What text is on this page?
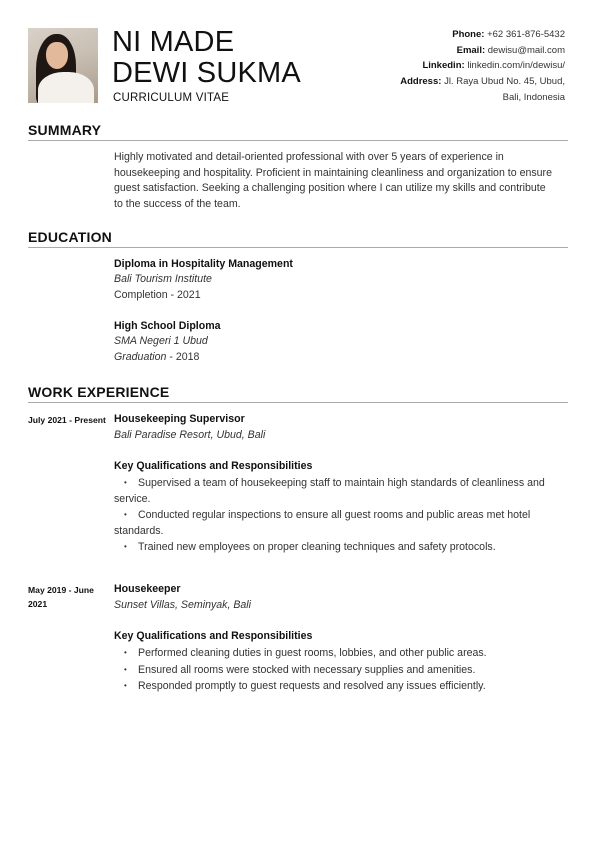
NI MADE
DEWI SUKMA
CURRICULUM VITAE
Phone: +62 361-876-5432
Email: dewisu@mail.com
Linkedin: linkedin.com/in/dewisu/
Address: Jl. Raya Ubud No. 45, Ubud,
Bali, Indonesia
SUMMARY
Highly motivated and detail-oriented professional with over 5 years of experience in housekeeping and hospitality. Proficient in maintaining cleanliness and organization to ensure guest satisfaction. Seeking a challenging position where I can utilize my skills and contribute to the success of the team.
EDUCATION
Diploma in Hospitality Management
Bali Tourism Institute
Completion - 2021
High School Diploma
SMA Negeri 1 Ubud
Graduation - 2018
WORK EXPERIENCE
July 2021 - Present Housekeeping Supervisor
Bali Paradise Resort, Ubud, Bali
Key Qualifications and Responsibilities
• Supervised a team of housekeeping staff to maintain high standards of cleanliness and service.
• Conducted regular inspections to ensure all guest rooms and public areas met hotel standards.
• Trained new employees on proper cleaning techniques and safety protocols.
May 2019 - June 2021
Housekeeper
Sunset Villas, Seminyak, Bali
Key Qualifications and Responsibilities
• Performed cleaning duties in guest rooms, lobbies, and other public areas.
• Ensured all rooms were stocked with necessary supplies and amenities.
• Responded promptly to guest requests and resolved any issues efficiently.
